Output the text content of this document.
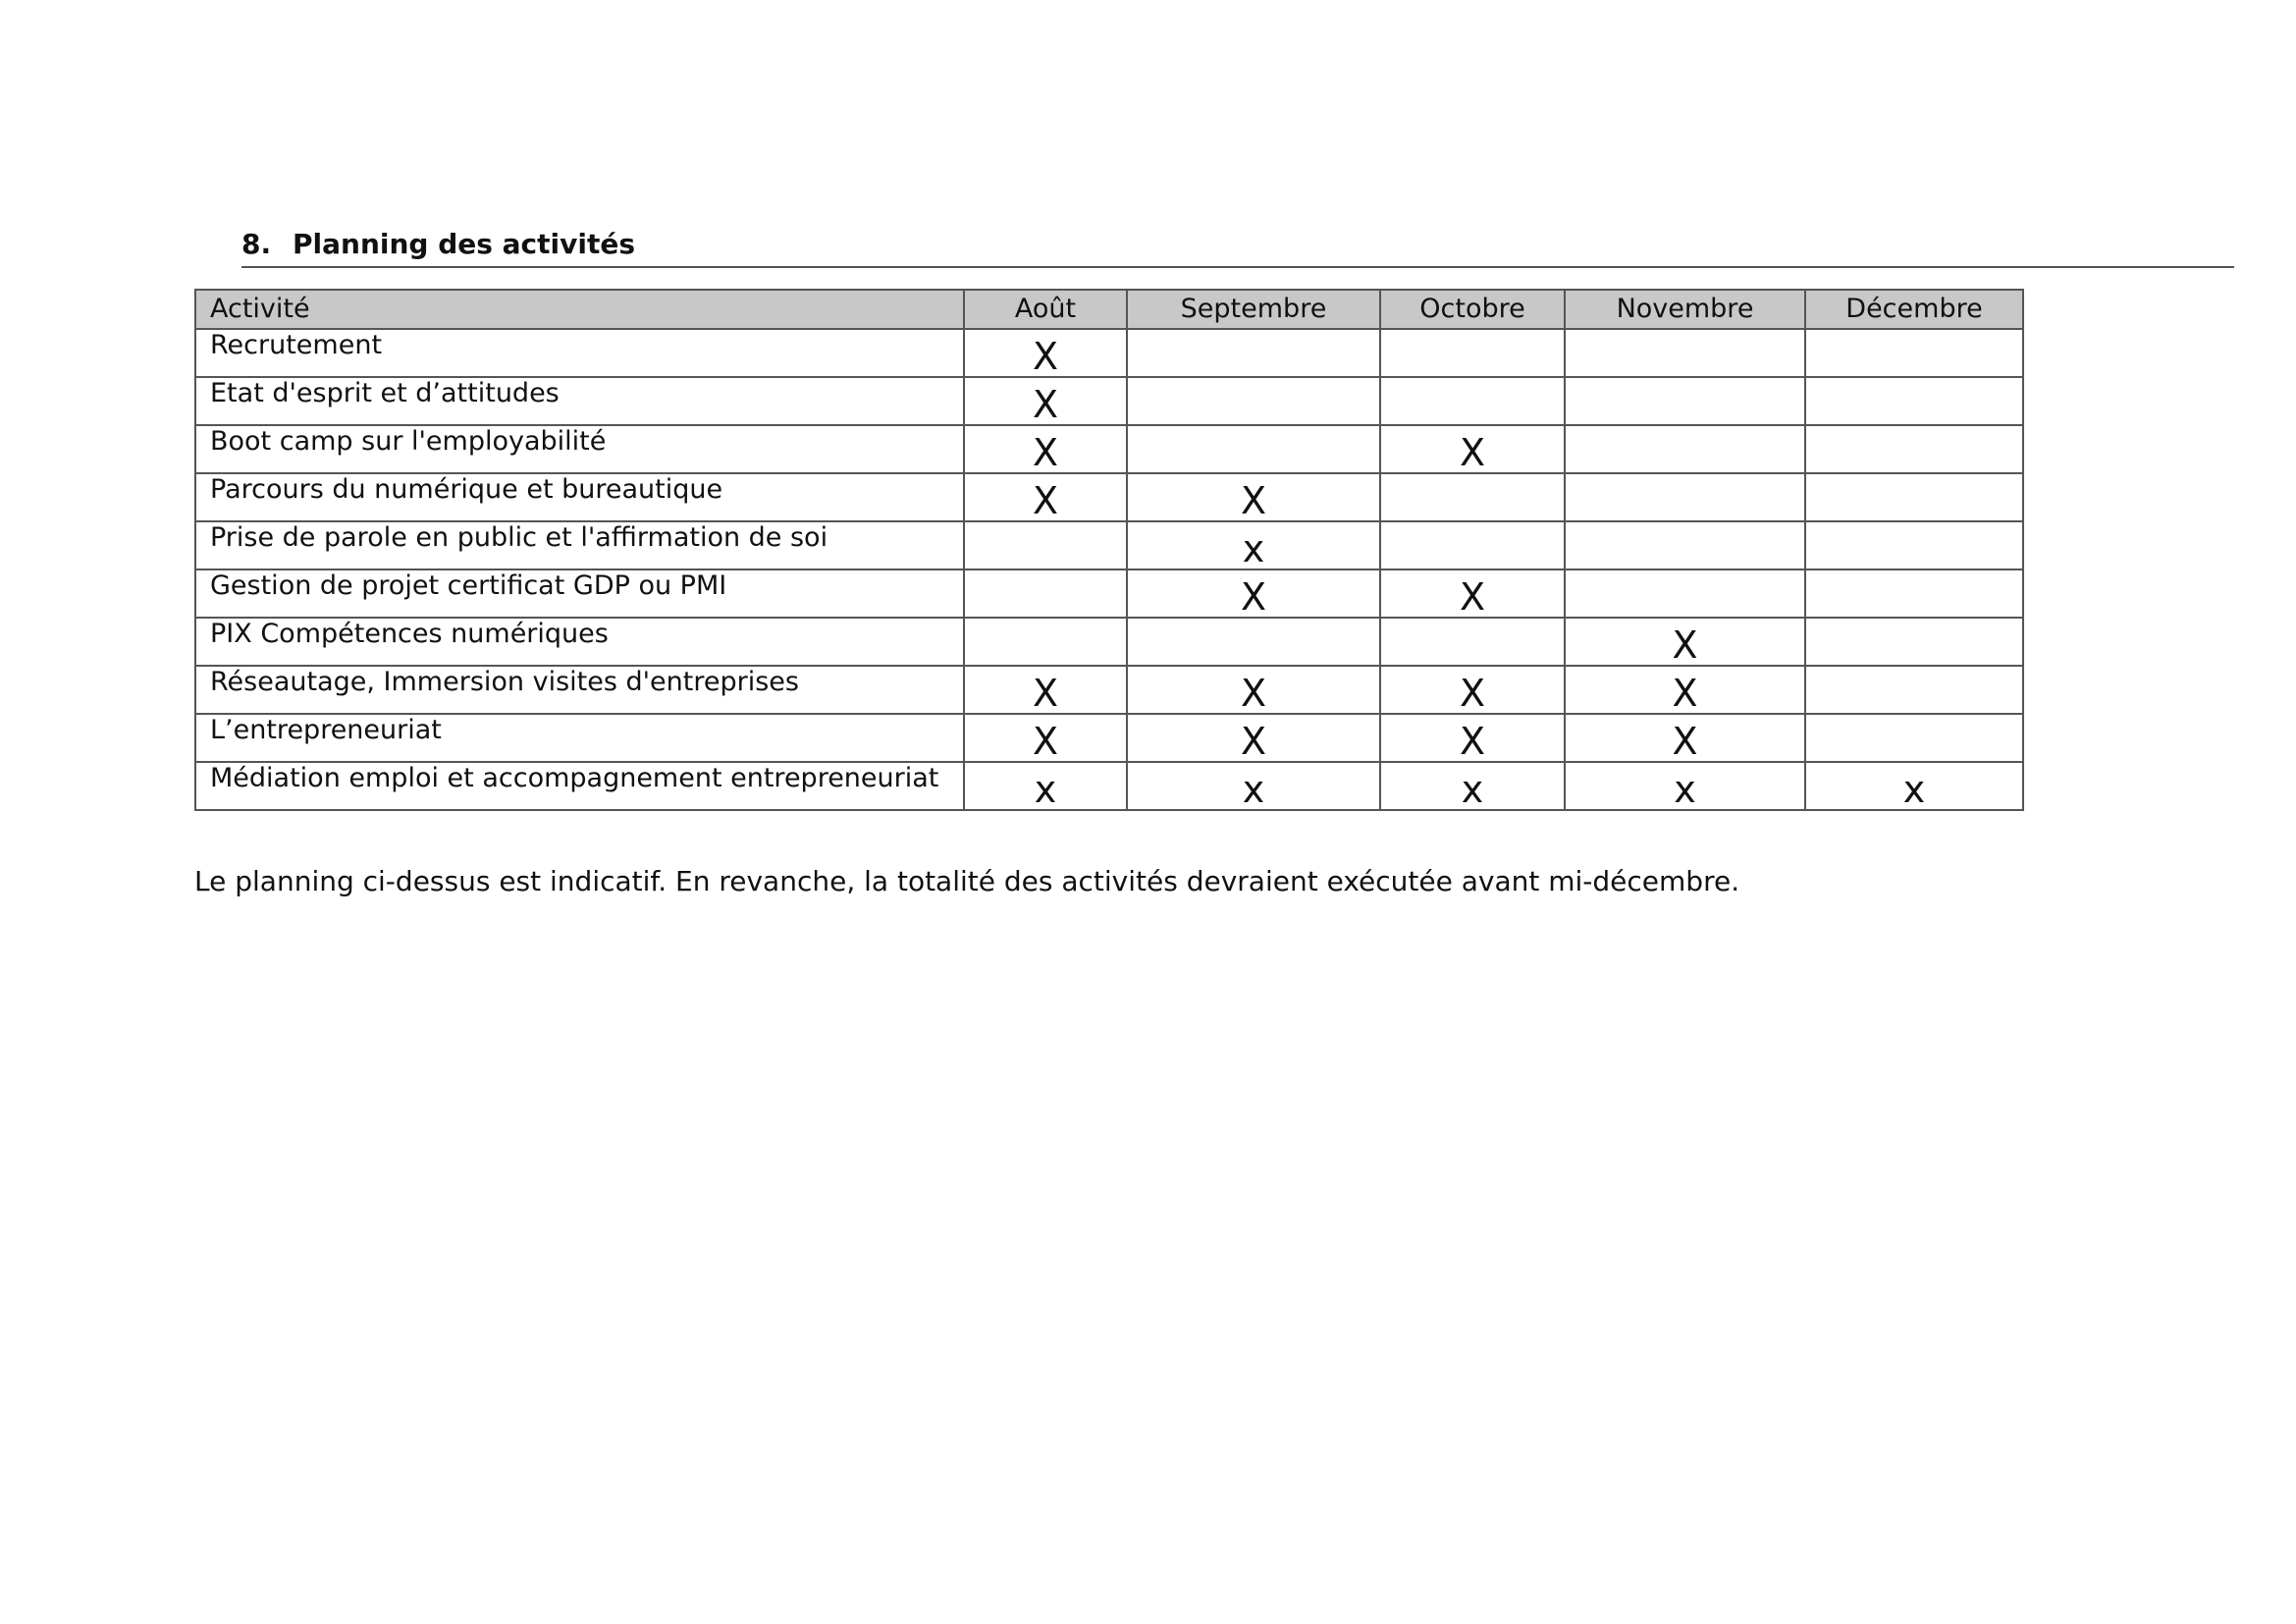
8. Planning des activités
Activité	Août	Septembre	Octobre	Novembre	Décembre
Recrutement	X				
Etat d'esprit et d’attitudes	X				
Boot camp sur l'employabilité	X		X		
Parcours du numérique et bureautique	X	X			
Prise de parole en public et l'affirmation de soi		x			
Gestion de projet certificat GDP ou PMI		X	X		
PIX Compétences numériques				X	
Réseautage, Immersion visites d'entreprises	X	X	X	X	
L’entrepreneuriat	X	X	X	X	
Médiation emploi et accompagnement entrepreneuriat	x	x	x	x	x
Le planning ci-dessus est indicatif. En revanche, la totalité des activités devraient exécutée avant mi-décembre.
